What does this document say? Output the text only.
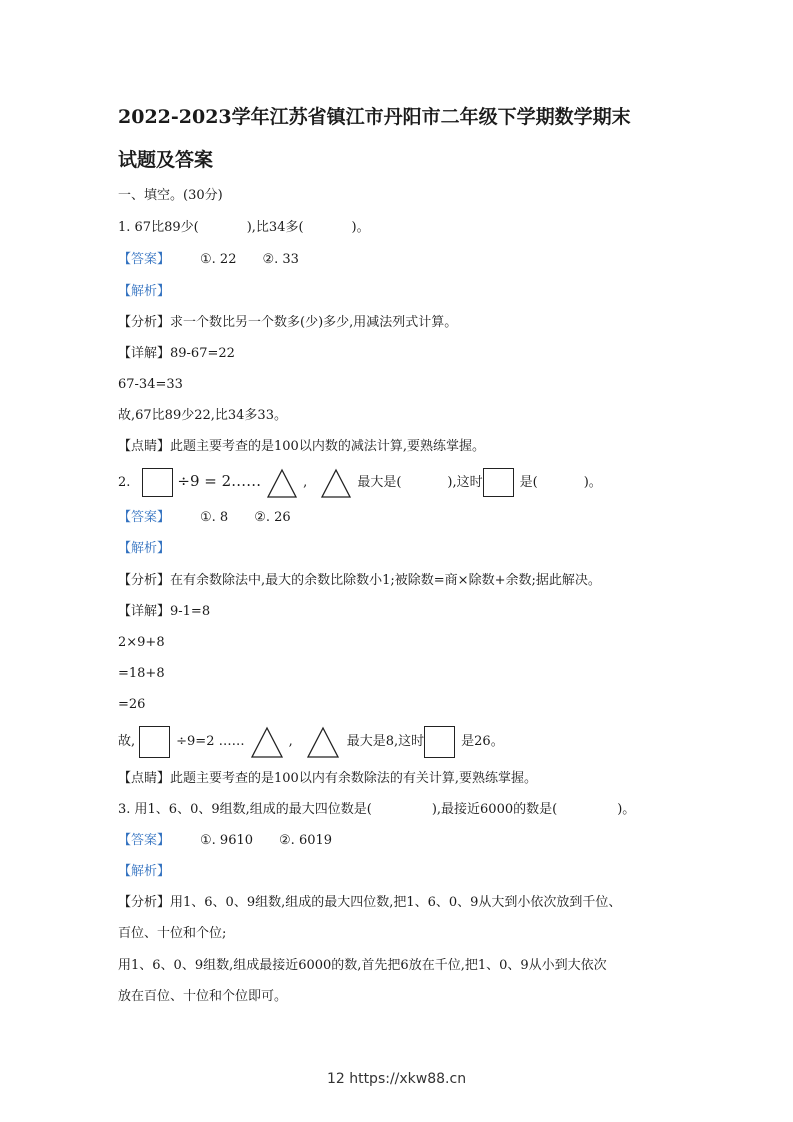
2022-2023学年江苏省镇江市丹阳市二年级下学期数学期末
试题及答案
一、填空。(30分)
1. 67比89少(	),比34多(	)。
【答案】 ①. 22 ②. 33
【解析】
【分析】求一个数比另一个数多(少)多少,用减法列式计算。
【详解】89-67=22
67-34=33
故,67比89少22,比34多33。
【点睛】此题主要考查的是100以内数的减法计算,要熟练掌握。
2.	÷9 = 2……	,	最大是(	),这时	是(	)。
【答案】 ①. 8 ②. 26
【解析】
【分析】在有余数除法中,最大的余数比除数小1;被除数=商×除数+余数;据此解决。
【详解】9-1=8
2×9+8
=18+8
=26
故,	÷9=2 ……	,	最大是8,这时	是26。
【点睛】此题主要考查的是100以内有余数除法的有关计算,要熟练掌握。
3. 用1、6、0、9组数,组成的最大四位数是(	),最接近6000的数是(	)。
【答案】 ①. 9610 ②. 6019
【解析】
【分析】用1、6、0、9组数,组成的最大四位数,把1、6、0、9从大到小依次放到千位、
百位、十位和个位;
用1、6、0、9组数,组成最接近6000的数,首先把6放在千位,把1、0、9从小到大依次
放在百位、十位和个位即可。
12 https://xkw88.cn
